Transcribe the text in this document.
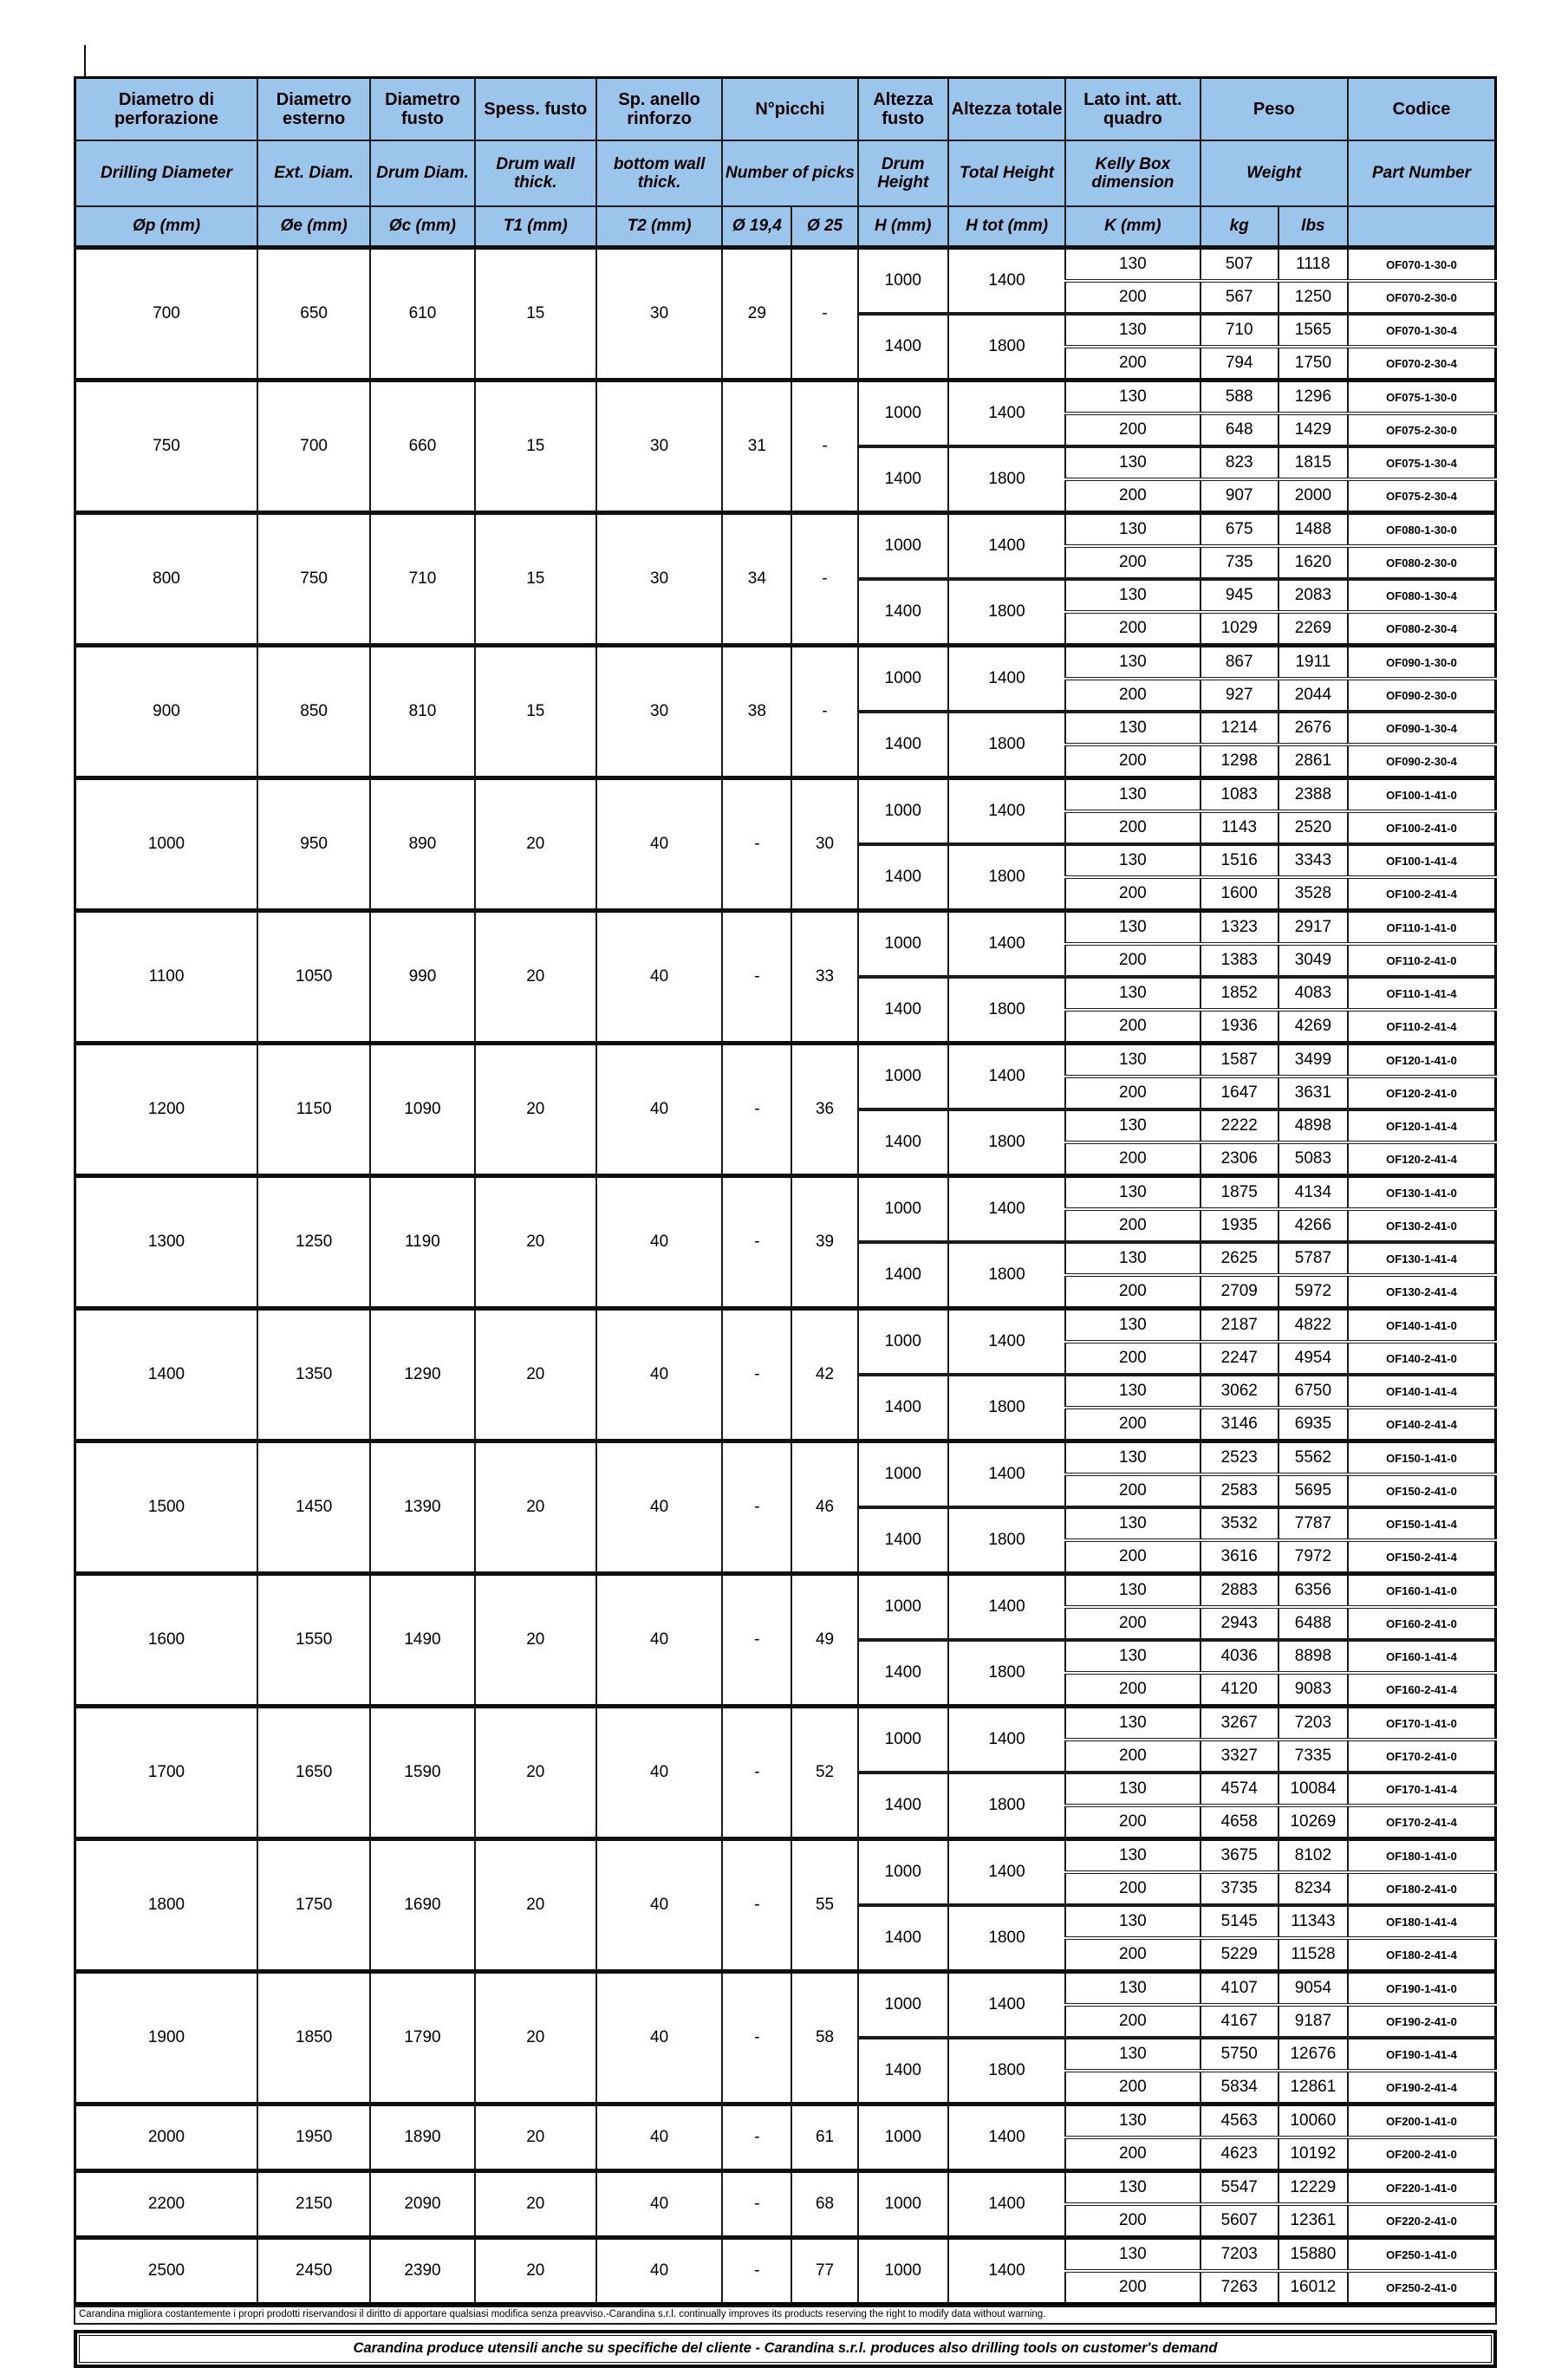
Diametro di perforazione	Diametro esterno	Diametro fusto	Spess. fusto	Sp. anello rinforzo	N°picchi		Altezza fusto	Altezza totale	Lato int. att. quadro	Peso		Codice
Drilling Diameter	Ext. Diam.	Drum Diam.	Drum wall thick.	bottom wall thick.	Number of picks		Drum Height	Total Height	Kelly Box dimension	Weight		Part Number
Øp (mm)	Øe (mm)	Øc (mm)	T1 (mm)	T2 (mm)	Ø 19,4	Ø 25	H (mm)	H tot (mm)	K (mm)	kg	lbs	
700	650	610	15	30	29	-	1000	1400	130	507	1118	OF070-1-30-0
									200	567	1250	OF070-2-30-0
							1400	1800	130	710	1565	OF070-1-30-4
									200	794	1750	OF070-2-30-4
750	700	660	15	30	31	-	1000	1400	130	588	1296	OF075-1-30-0
									200	648	1429	OF075-2-30-0
							1400	1800	130	823	1815	OF075-1-30-4
									200	907	2000	OF075-2-30-4
800	750	710	15	30	34	-	1000	1400	130	675	1488	OF080-1-30-0
									200	735	1620	OF080-2-30-0
							1400	1800	130	945	2083	OF080-1-30-4
									200	1029	2269	OF080-2-30-4
900	850	810	15	30	38	-	1000	1400	130	867	1911	OF090-1-30-0
									200	927	2044	OF090-2-30-0
							1400	1800	130	1214	2676	OF090-1-30-4
									200	1298	2861	OF090-2-30-4
1000	950	890	20	40	-	30	1000	1400	130	1083	2388	OF100-1-41-0
									200	1143	2520	OF100-2-41-0
							1400	1800	130	1516	3343	OF100-1-41-4
									200	1600	3528	OF100-2-41-4
1100	1050	990	20	40	-	33	1000	1400	130	1323	2917	OF110-1-41-0
									200	1383	3049	OF110-2-41-0
							1400	1800	130	1852	4083	OF110-1-41-4
									200	1936	4269	OF110-2-41-4
1200	1150	1090	20	40	-	36	1000	1400	130	1587	3499	OF120-1-41-0
									200	1647	3631	OF120-2-41-0
							1400	1800	130	2222	4898	OF120-1-41-4
									200	2306	5083	OF120-2-41-4
1300	1250	1190	20	40	-	39	1000	1400	130	1875	4134	OF130-1-41-0
									200	1935	4266	OF130-2-41-0
							1400	1800	130	2625	5787	OF130-1-41-4
									200	2709	5972	OF130-2-41-4
1400	1350	1290	20	40	-	42	1000	1400	130	2187	4822	OF140-1-41-0
									200	2247	4954	OF140-2-41-0
							1400	1800	130	3062	6750	OF140-1-41-4
									200	3146	6935	OF140-2-41-4
1500	1450	1390	20	40	-	46	1000	1400	130	2523	5562	OF150-1-41-0
									200	2583	5695	OF150-2-41-0
							1400	1800	130	3532	7787	OF150-1-41-4
									200	3616	7972	OF150-2-41-4
1600	1550	1490	20	40	-	49	1000	1400	130	2883	6356	OF160-1-41-0
									200	2943	6488	OF160-2-41-0
							1400	1800	130	4036	8898	OF160-1-41-4
									200	4120	9083	OF160-2-41-4
1700	1650	1590	20	40	-	52	1000	1400	130	3267	7203	OF170-1-41-0
									200	3327	7335	OF170-2-41-0
							1400	1800	130	4574	10084	OF170-1-41-4
									200	4658	10269	OF170-2-41-4
1800	1750	1690	20	40	-	55	1000	1400	130	3675	8102	OF180-1-41-0
									200	3735	8234	OF180-2-41-0
							1400	1800	130	5145	11343	OF180-1-41-4
									200	5229	11528	OF180-2-41-4
1900	1850	1790	20	40	-	58	1000	1400	130	4107	9054	OF190-1-41-0
									200	4167	9187	OF190-2-41-0
							1400	1800	130	5750	12676	OF190-1-41-4
									200	5834	12861	OF190-2-41-4
2000	1950	1890	20	40	-	61	1000	1400	130	4563	10060	OF200-1-41-0
									200	4623	10192	OF200-2-41-0
2200	2150	2090	20	40	-	68	1000	1400	130	5547	12229	OF220-1-41-0
									200	5607	12361	OF220-2-41-0
2500	2450	2390	20	40	-	77	1000	1400	130	7203	15880	OF250-1-41-0
									200	7263	16012	OF250-2-41-0
Carandina migliora costantemente i propri prodotti riservandosi il diritto di apportare qualsiasi modifica senza preavviso.-Carandina s.r.l. continually improves its products reserving the right to modify data without warning.
Carandina produce utensili anche su specifiche del cliente - Carandina s.r.l. produces also drilling tools on customer's demand
